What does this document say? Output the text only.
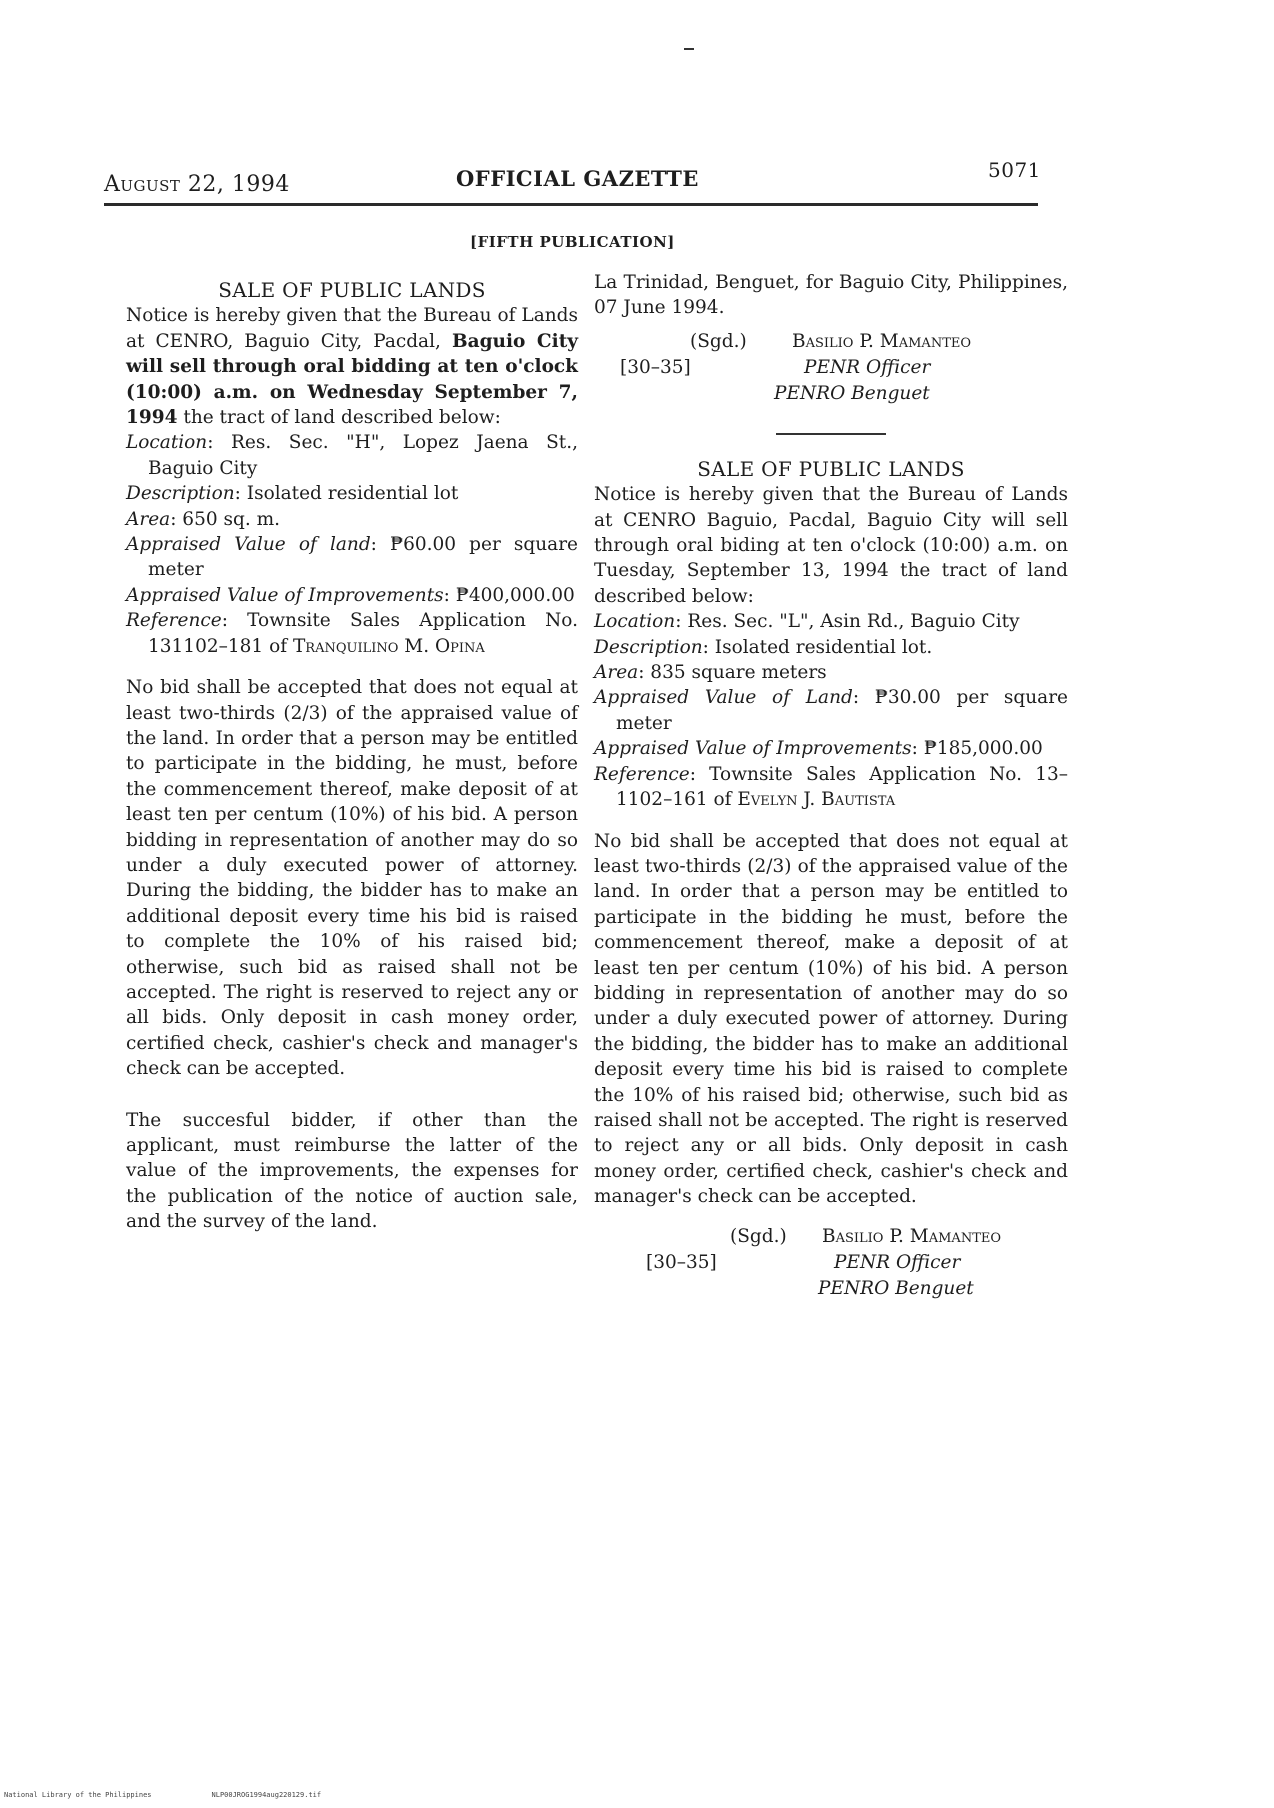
August 22, 1994	OFFICIAL GAZETTE	5071
[FIFTH PUBLICATION]

SALE OF PUBLIC LANDS

Notice is hereby given that the Bureau of Lands at CENRO, Baguio City, Pacdal, Baguio City will sell through oral bidding at ten o'clock (10:00) a.m. on Wednesday September 7, 1994 the tract of land described below:

Location: Res. Sec. "H", Lopez Jaena St., Baguio City

Description: Isolated residential lot

Area: 650 sq. m.

Appraised Value of land: ₱60.00 per square meter

Appraised Value of Improvements: ₱400,000.00

Reference: Townsite Sales Application No. 131102–181 of Tranquilino M. Opina

No bid shall be accepted that does not equal at least two-thirds (2/3) of the appraised value of the land. In order that a person may be entitled to participate in the bidding, he must, before the commencement thereof, make deposit of at least ten per centum (10%) of his bid. A person bidding in representation of another may do so under a duly executed power of attorney. During the bidding, the bidder has to make an additional deposit every time his bid is raised to complete the 10% of his raised bid; otherwise, such bid as raised shall not be accepted. The right is reserved to reject any or all bids. Only deposit in cash money order, certified check, cashier's check and manager's check can be accepted.

The succesful bidder, if other than the applicant, must reimburse the latter of the value of the improvements, the expenses for the publication of the notice of auction sale, and the survey of the land.

La Trinidad, Benguet, for Baguio City, Philippines, 07 June 1994.

(Sgd.) Basilio P. Mamanteo
[30–35]	PENR Officer
PENRO Benguet

SALE OF PUBLIC LANDS

Notice is hereby given that the Bureau of Lands at CENRO Baguio, Pacdal, Baguio City will sell through oral biding at ten o'clock (10:00) a.m. on Tuesday, September 13, 1994 the tract of land described below:

Location: Res. Sec. "L", Asin Rd., Baguio City

Description: Isolated residential lot.

Area: 835 square meters

Appraised Value of Land: ₱30.00 per square meter

Appraised Value of Improvements: ₱185,000.00

Reference: Townsite Sales Application No. 13–1102–161 of Evelyn J. Bautista

No bid shall be accepted that does not equal at least two-thirds (2/3) of the appraised value of the land. In order that a person may be entitled to participate in the bidding he must, before the commencement thereof, make a deposit of at least ten per centum (10%) of his bid. A person bidding in representation of another may do so under a duly executed power of attorney. During the bidding, the bidder has to make an additional deposit every time his bid is raised to complete the 10% of his raised bid; otherwise, such bid as raised shall not be accepted. The right is reserved to reject any or all bids. Only deposit in cash money order, certified check, cashier's check and manager's check can be accepted.

(Sgd.) Basilio P. Mamanteo
[30–35]	PENR Officer
PENRO Benguet
National Library of the Philippines	NLP00JROG1994aug220129.tif
